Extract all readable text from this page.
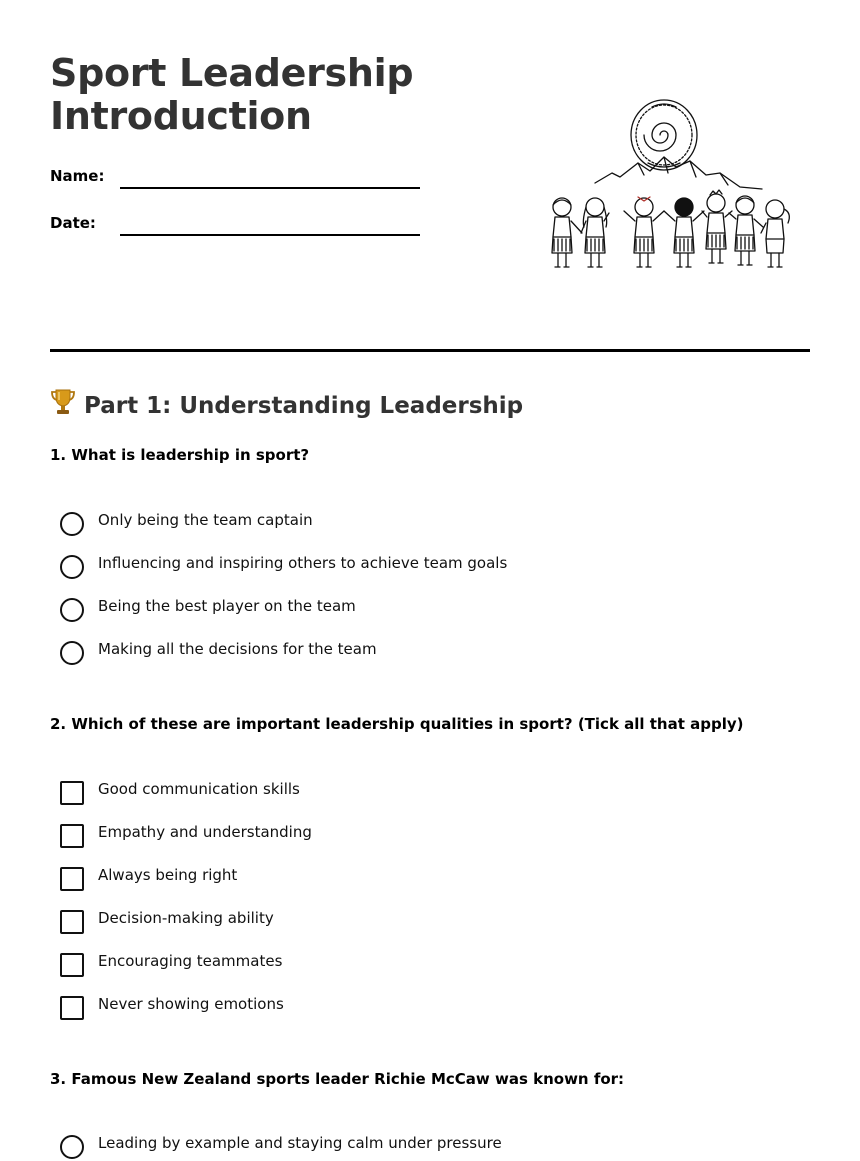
Sport Leadership
Introduction
Name:
Date:
Part 1: Understanding Leadership

1. What is leadership in sport?

Only being the team captain
Influencing and inspiring others to achieve team goals
Being the best player on the team
Making all the decisions for the team

2. Which of these are important leadership qualities in sport? (Tick all that apply)

Good communication skills
Empathy and understanding
Always being right
Decision-making ability
Encouraging teammates
Never showing emotions

3. Famous New Zealand sports leader Richie McCaw was known for:

Leading by example and staying calm under pressure
